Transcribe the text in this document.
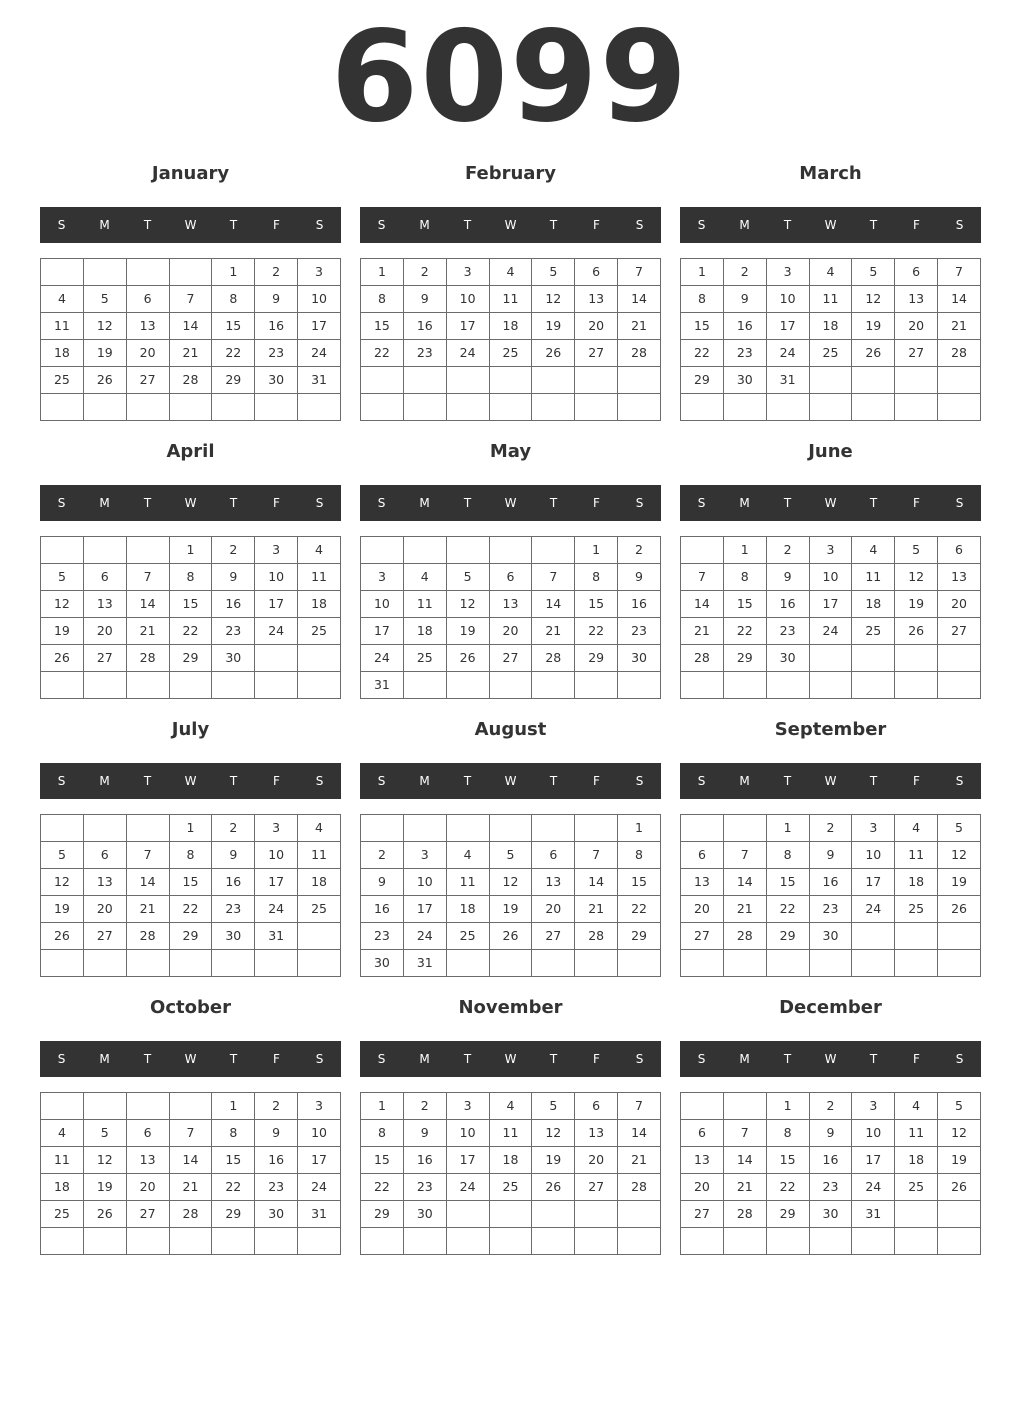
6099
January
S	M	T	W	T	F	S
				1	2	3
4	5	6	7	8	9	10
11	12	13	14	15	16	17
18	19	20	21	22	23	24
25	26	27	28	29	30	31

February
S	M	T	W	T	F	S
1	2	3	4	5	6	7
8	9	10	11	12	13	14
15	16	17	18	19	20	21
22	23	24	25	26	27	28

March
S	M	T	W	T	F	S
1	2	3	4	5	6	7
8	9	10	11	12	13	14
15	16	17	18	19	20	21
22	23	24	25	26	27	28
29	30	31				

April
S	M	T	W	T	F	S
			1	2	3	4
5	6	7	8	9	10	11
12	13	14	15	16	17	18
19	20	21	22	23	24	25
26	27	28	29	30		

May
S	M	T	W	T	F	S
					1	2
3	4	5	6	7	8	9
10	11	12	13	14	15	16
17	18	19	20	21	22	23
24	25	26	27	28	29	30
31						
June
S	M	T	W	T	F	S
	1	2	3	4	5	6
7	8	9	10	11	12	13
14	15	16	17	18	19	20
21	22	23	24	25	26	27
28	29	30				

July
S	M	T	W	T	F	S
			1	2	3	4
5	6	7	8	9	10	11
12	13	14	15	16	17	18
19	20	21	22	23	24	25
26	27	28	29	30	31	

August
S	M	T	W	T	F	S
						1
2	3	4	5	6	7	8
9	10	11	12	13	14	15
16	17	18	19	20	21	22
23	24	25	26	27	28	29
30	31					
September
S	M	T	W	T	F	S
		1	2	3	4	5
6	7	8	9	10	11	12
13	14	15	16	17	18	19
20	21	22	23	24	25	26
27	28	29	30			

October
S	M	T	W	T	F	S
				1	2	3
4	5	6	7	8	9	10
11	12	13	14	15	16	17
18	19	20	21	22	23	24
25	26	27	28	29	30	31

November
S	M	T	W	T	F	S
1	2	3	4	5	6	7
8	9	10	11	12	13	14
15	16	17	18	19	20	21
22	23	24	25	26	27	28
29	30					

December
S	M	T	W	T	F	S
		1	2	3	4	5
6	7	8	9	10	11	12
13	14	15	16	17	18	19
20	21	22	23	24	25	26
27	28	29	30	31		
